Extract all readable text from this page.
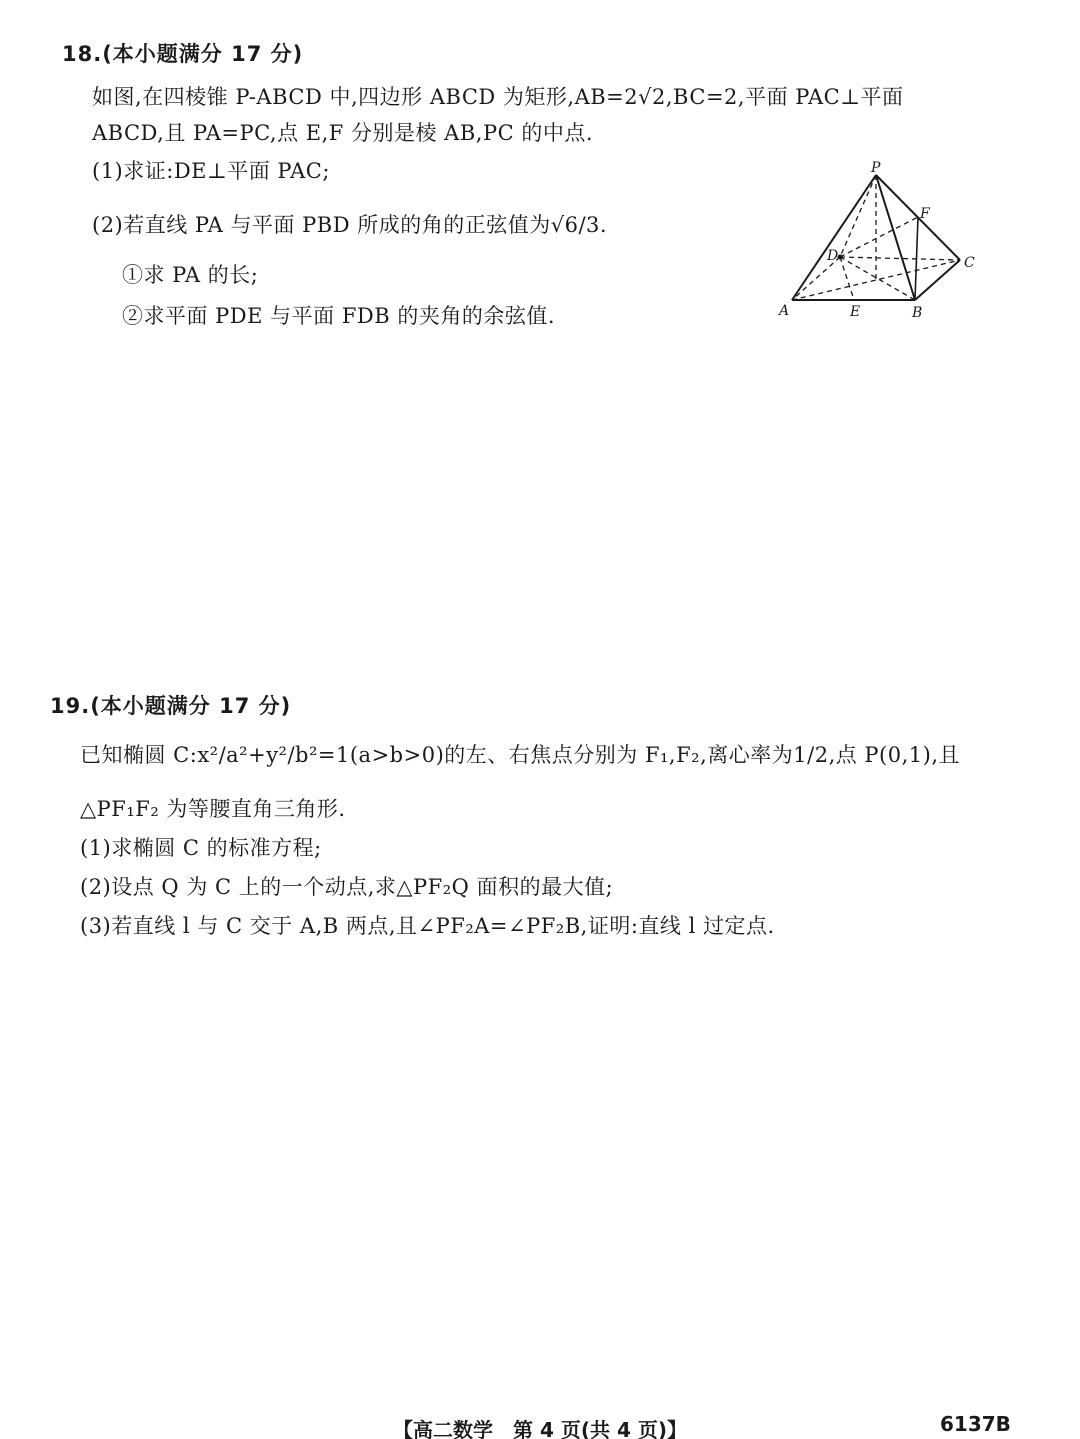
18.(本小题满分 17 分)
如图,在四棱锥 P-ABCD 中,四边形 ABCD 为矩形,AB=2√2,BC=2,平面 PAC⊥平面
ABCD,且 PA=PC,点 E,F 分别是棱 AB,PC 的中点.
(1)求证:DE⊥平面 PAC;
(2)若直线 PA 与平面 PBD 所成的角的正弦值为√6/3.
①求 PA 的长;
②求平面 PDE 与平面 FDB 的夹角的余弦值.
P
A	E	B
C
D
F
19.(本小题满分 17 分)
已知椭圆 C:x²/a²+y²/b²=1(a>b>0)的左、右焦点分别为 F₁,F₂,离心率为1/2,点 P(0,1),且
△PF₁F₂ 为等腰直角三角形.
(1)求椭圆 C 的标准方程;
(2)设点 Q 为 C 上的一个动点,求△PF₂Q 面积的最大值;
(3)若直线 l 与 C 交于 A,B 两点,且∠PF₂A=∠PF₂B,证明:直线 l 过定点.
【高二数学　第 4 页(共 4 页)】	6137B
